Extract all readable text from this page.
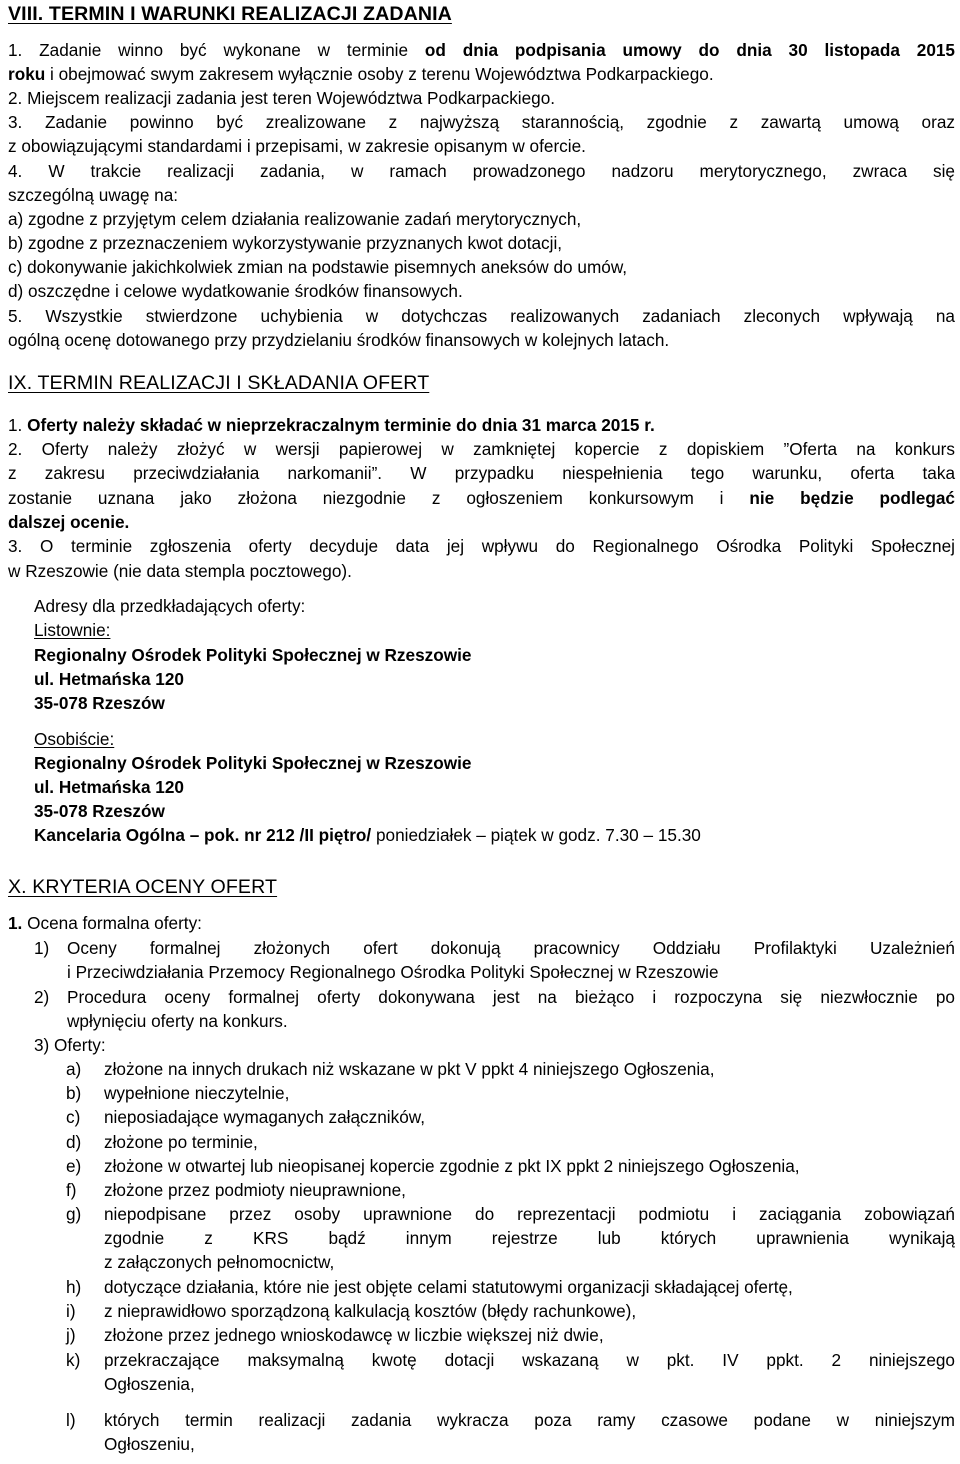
VIII. TERMIN I WARUNKI REALIZACJI ZADANIA
1. Zadanie winno być wykonane w terminie od dnia podpisania umowy do dnia 30 listopada 2015
roku i obejmować swym zakresem wyłącznie osoby z terenu Województwa Podkarpackiego.
2. Miejscem realizacji zadania jest teren Województwa Podkarpackiego.
3. Zadanie powinno być zrealizowane z najwyższą starannością, zgodnie z zawartą umową oraz
z obowiązującymi standardami i przepisami, w zakresie opisanym w ofercie.
4. W trakcie realizacji zadania, w ramach prowadzonego nadzoru merytorycznego, zwraca się
szczególną uwagę na:
a) zgodne z przyjętym celem działania realizowanie zadań merytorycznych,
b) zgodne z przeznaczeniem wykorzystywanie przyznanych kwot dotacji,
c) dokonywanie jakichkolwiek zmian na podstawie pisemnych aneksów do umów,
d) oszczędne i celowe wydatkowanie środków finansowych.
5. Wszystkie stwierdzone uchybienia w dotychczas realizowanych zadaniach zleconych wpływają na
ogólną ocenę dotowanego przy przydzielaniu środków finansowych w kolejnych latach.
IX. TERMIN REALIZACJI I SKŁADANIA OFERT
1. Oferty należy składać w nieprzekraczalnym terminie do dnia 31 marca 2015 r.
2. Oferty należy złożyć w wersji papierowej w zamkniętej kopercie z dopiskiem ”Oferta na konkurs
z zakresu przeciwdziałania narkomanii”. W przypadku niespełnienia tego warunku, oferta taka
zostanie uznana jako złożona niezgodnie z ogłoszeniem konkursowym i nie będzie podlegać
dalszej ocenie.
3. O terminie zgłoszenia oferty decyduje data jej wpływu do Regionalnego Ośrodka Polityki Społecznej
w Rzeszowie (nie data stempla pocztowego).
Adresy dla przedkładających oferty:
Listownie:
Regionalny Ośrodek Polityki Społecznej w Rzeszowie
ul. Hetmańska 120
35-078 Rzeszów
Osobiście:
Regionalny Ośrodek Polityki Społecznej w Rzeszowie
ul. Hetmańska 120
35-078 Rzeszów
Kancelaria Ogólna – pok. nr 212 /II piętro/ poniedziałek – piątek w godz. 7.30 – 15.30
X. KRYTERIA OCENY OFERT
1. Ocena formalna oferty:
1) Oceny formalnej złożonych ofert dokonują pracownicy Oddziału Profilaktyki Uzależnień
i Przeciwdziałania Przemocy Regionalnego Ośrodka Polityki Społecznej w Rzeszowie
2) Procedura oceny formalnej oferty dokonywana jest na bieżąco i rozpoczyna się niezwłocznie po
wpłynięciu oferty na konkurs.
3) Oferty:
a) złożone na innych drukach niż wskazane w pkt V ppkt 4 niniejszego Ogłoszenia,
b) wypełnione nieczytelnie,
c) nieposiadające wymaganych załączników,
d) złożone po terminie,
e) złożone w otwartej lub nieopisanej kopercie zgodnie z pkt IX ppkt 2 niniejszego Ogłoszenia,
f) złożone przez podmioty nieuprawnione,
g) niepodpisane przez osoby uprawnione do reprezentacji podmiotu i zaciągania zobowiązań
zgodnie z KRS bądź innym rejestrze lub których uprawnienia wynikają
z załączonych pełnomocnictw,
h) dotyczące działania, które nie jest objęte celami statutowymi organizacji składającej ofertę,
i) z nieprawidłowo sporządzoną kalkulacją kosztów (błędy rachunkowe),
j) złożone przez jednego wnioskodawcę w liczbie większej niż dwie,
k) przekraczające maksymalną kwotę dotacji wskazaną w pkt. IV ppkt. 2 niniejszego
Ogłoszenia,
l) których termin realizacji zadania wykracza poza ramy czasowe podane w niniejszym
Ogłoszeniu,
